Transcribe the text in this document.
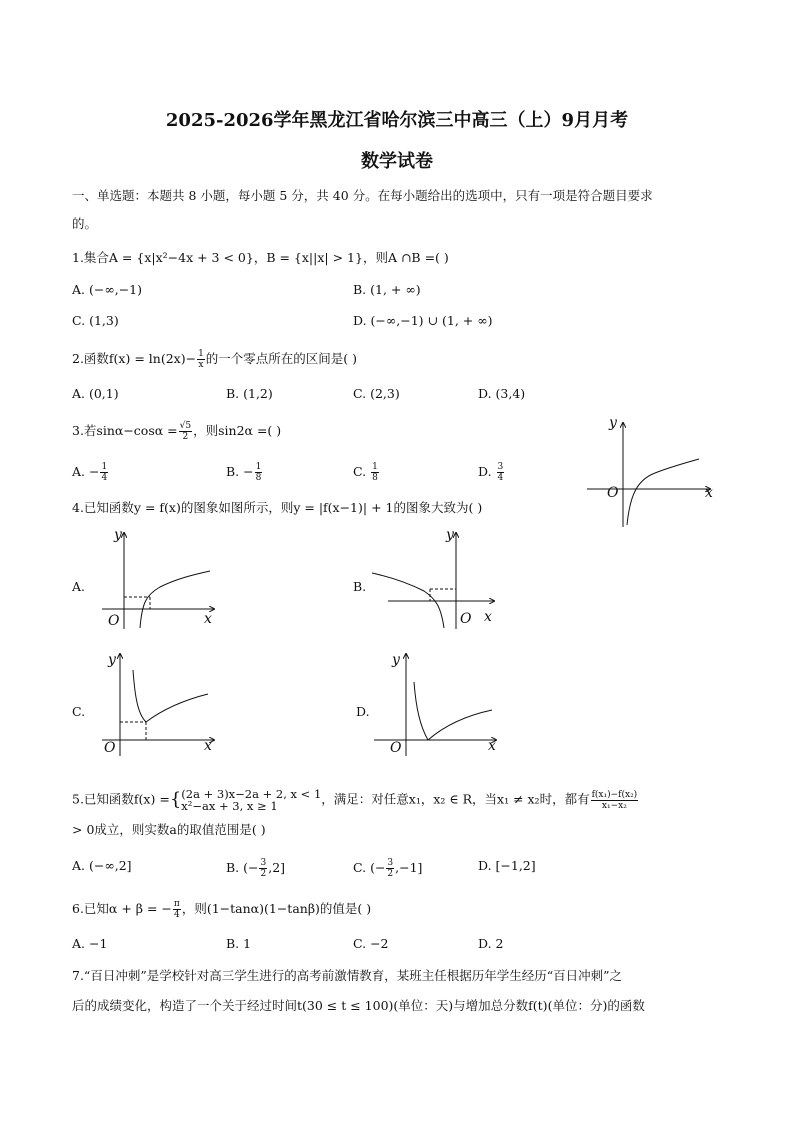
2025-2026学年黑龙江省哈尔滨三中高三（上）9月月考
数学试卷
一、单选题：本题共 8 小题，每小题 5 分，共 40 分。在每小题给出的选项中，只有一项是符合题目要求
的。
1.集合A = {x|x²−4x + 3 < 0}，B = {x||x| > 1}，则A ∩B =( )
A. (−∞,−1)	B. (1, + ∞)
C. (1,3)	D. (−∞,−1) ∪ (1, + ∞)
2.函数$f(x) = \ln(2x)- \frac{1}{x}$ 的一个零点所在的区间是( )
A. (0,1)	B. (1,2)	C. (2,3)	D. (3,4)
3.若$\sin\alpha-\cos\alpha = \frac{√5}{2}$ ，则sin2α =( )
A. − $\frac{1}{4}$	B. − $\frac{1}{8}$	C. $\frac{1}{8}$	D. $\frac{3}{4}$
y
x
O
4.已知函数y = f(x)的图象如图所示，则y = |f(x−1)| + 1的图象大致为( )
A.
y
x
O
B.
y
x
O
C.
y
x
O
D.
y
x
O
5.已知函数f(x) ={ (2a + 3)x−2a + 2, x < 1
x²−ax + 3, x ≥ 1	，满足：对任意x₁，x₂ ∈ R，当x₁ ≠ x₂时，都有 $\frac{\text{f(x₁)−f(x₂)}}{\text{x₁−x₂}}$
> 0成立，则实数a的取值范围是( )
A. (−∞,2]	B. (− $\frac{3}{2} ,2$]	C. (− $\frac{3}{2} ,-1$]	D. [−1,2]
6.已知α + β = − $\frac{\pi}{4}$ ，则(1−tanα)(1−tanβ)的值是( )
A. −1	B. 1	C. −2	D. 2
7.“百日冲刺”是学校针对高三学生进行的高考前激情教育，某班主任根据历年学生经历“百日冲刺”之
后的成绩变化，构造了一个关于经过时间t(30 ≤ t ≤ 100)(单位：天)与增加总分数f(t)(单位：分)的函数
